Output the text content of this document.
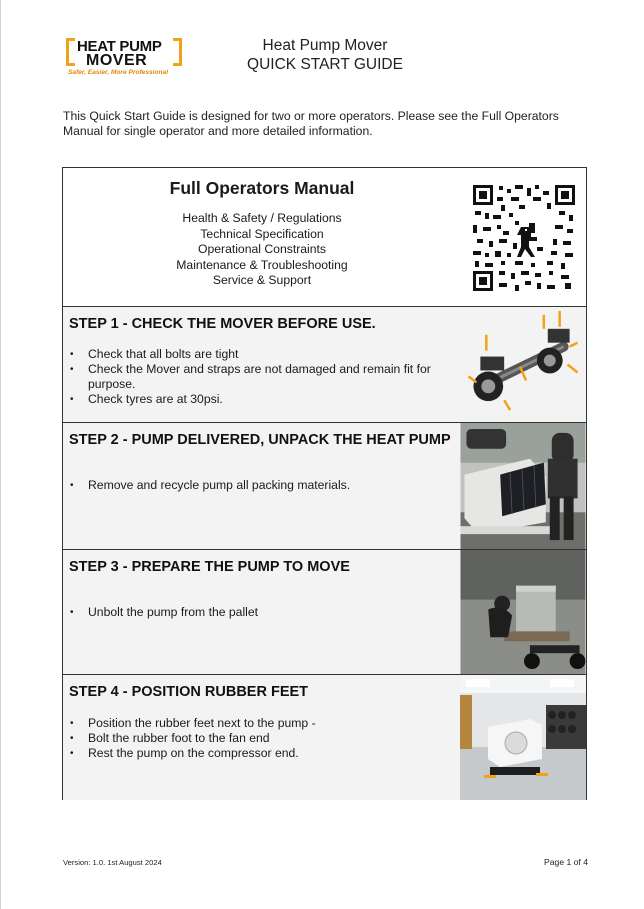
HEAT PUMP
MOVER
Safer, Easier, More Professional
Heat Pump Mover
QUICK START GUIDE
This Quick Start Guide is designed for two or more operators. Please see the Full Operators Manual for single operator and more detailed information.
Full Operators Manual
Health & Safety / Regulations
Technical Specification
Operational Constraints
Maintenance & Troubleshooting
Service & Support
STEP 1 - CHECK THE MOVER BEFORE USE.
• Check that all bolts are tight
• Check the Mover and straps are not damaged and remain fit for purpose.
• Check tyres are at 30psi.
STEP 2 - PUMP DELIVERED, UNPACK THE HEAT PUMP
• Remove and recycle pump all packing materials.
STEP 3 - PREPARE THE PUMP TO MOVE
• Unbolt the pump from the pallet
STEP 4 - POSITION RUBBER FEET
• Position the rubber feet next to the pump -
• Bolt the rubber foot to the fan end
• Rest the pump on the compressor end.
Version: 1.0. 1st August 2024	Page 1 of 4
